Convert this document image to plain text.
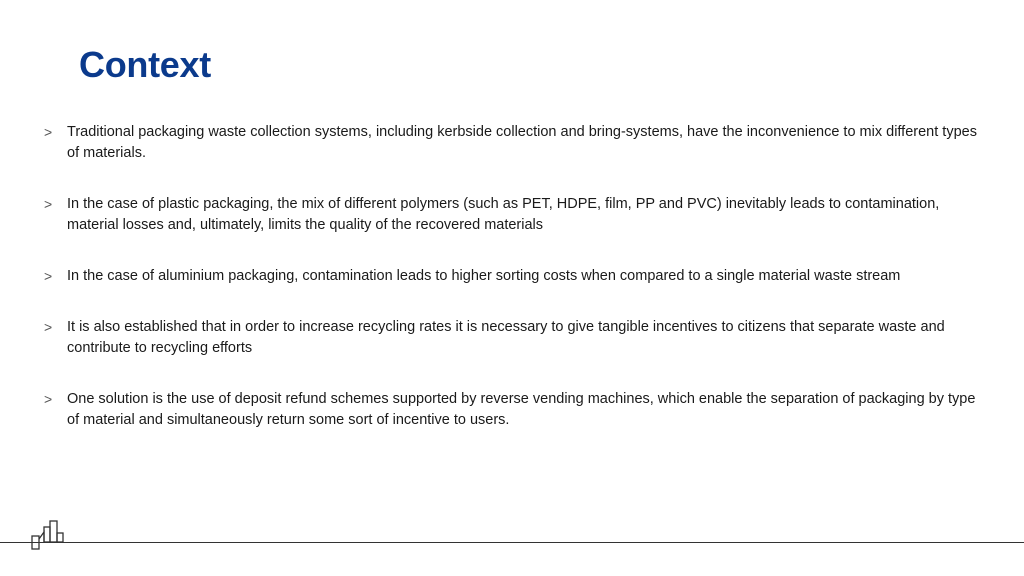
Context
> Traditional packaging waste collection systems, including kerbside collection and bring-systems, have the inconvenience to mix different types of materials.
> In the case of plastic packaging, the mix of different polymers (such as PET, HDPE, film, PP and PVC) inevitably leads to contamination, material losses and, ultimately, limits the quality of the recovered materials
> In the case of aluminium packaging, contamination leads to higher sorting costs when compared to a single material waste stream
> It is also established that in order to increase recycling rates it is necessary to give tangible incentives to citizens that separate waste and contribute to recycling efforts
> One solution is the use of deposit refund schemes supported by reverse vending machines, which enable the separation of packaging by type of material and simultaneously return some sort of incentive to users.
